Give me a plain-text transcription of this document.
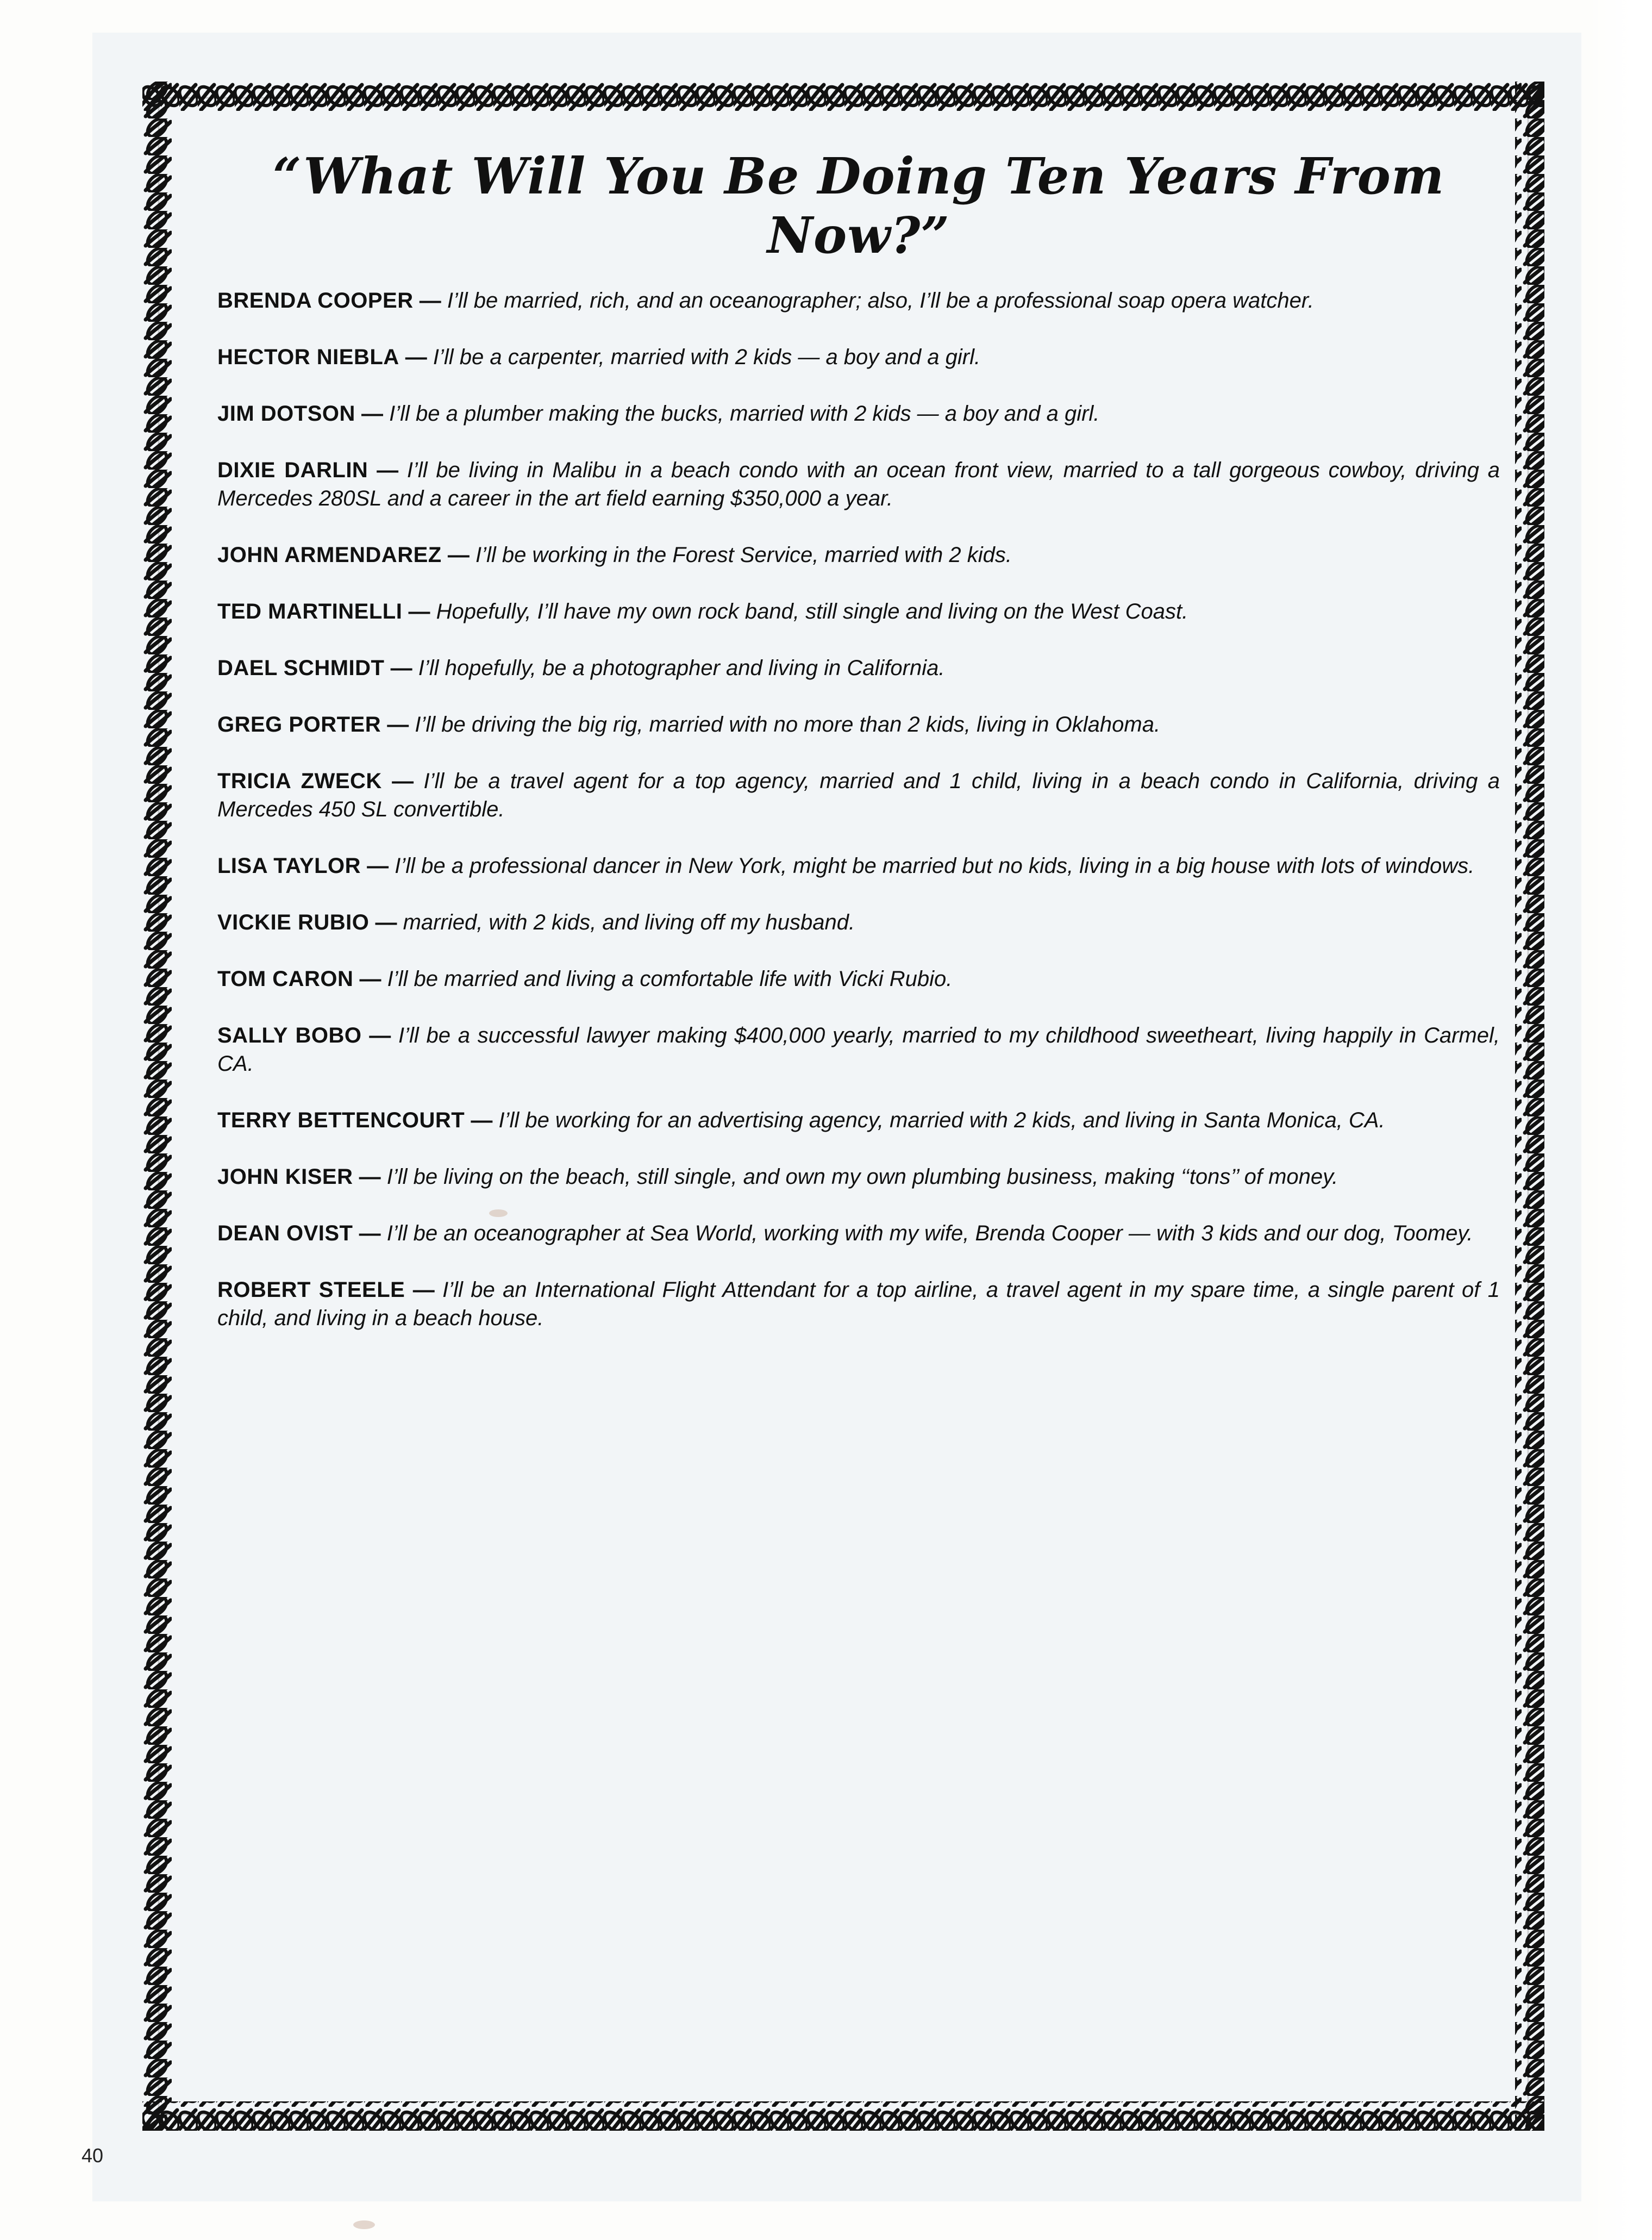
“What Will You Be Doing Ten Years From Now?”

BRENDA COOPER — I’ll be married, rich, and an oceanographer; also, I’ll be a professional soap opera watcher.

HECTOR NIEBLA — I’ll be a carpenter, married with 2 kids — a boy and a girl.

JIM DOTSON — I’ll be a plumber making the bucks, married with 2 kids — a boy and a girl.

DIXIE DARLIN — I’ll be living in Malibu in a beach condo with an ocean front view, married to a tall gorgeous cowboy, driving a Mercedes 280SL and a career in the art field earning $350,000 a year.

JOHN ARMENDAREZ — I’ll be working in the Forest Service, married with 2 kids.

TED MARTINELLI — Hopefully, I’ll have my own rock band, still single and living on the West Coast.

DAEL SCHMIDT — I’ll hopefully, be a photographer and living in California.

GREG PORTER — I’ll be driving the big rig, married with no more than 2 kids, living in Oklahoma.

TRICIA ZWECK — I’ll be a travel agent for a top agency, married and 1 child, living in a beach condo in California, driving a Mercedes 450 SL convertible.

LISA TAYLOR — I’ll be a professional dancer in New York, might be married but no kids, living in a big house with lots of windows.

VICKIE RUBIO — married, with 2 kids, and living off my husband.

TOM CARON — I’ll be married and living a comfortable life with Vicki Rubio.

SALLY BOBO — I’ll be a successful lawyer making $400,000 yearly, married to my childhood sweetheart, living happily in Carmel, CA.

TERRY BETTENCOURT — I’ll be working for an advertising agency, married with 2 kids, and living in Santa Monica, CA.

JOHN KISER — I’ll be living on the beach, still single, and own my own plumbing business, making ‘‘tons’’ of money.

DEAN OVIST — I’ll be an oceanographer at Sea World, working with my wife, Brenda Cooper — with 3 kids and our dog, Toomey.

ROBERT STEELE — I’ll be an International Flight Attendant for a top airline, a travel agent in my spare time, a single parent of 1 child, and living in a beach house.

40
